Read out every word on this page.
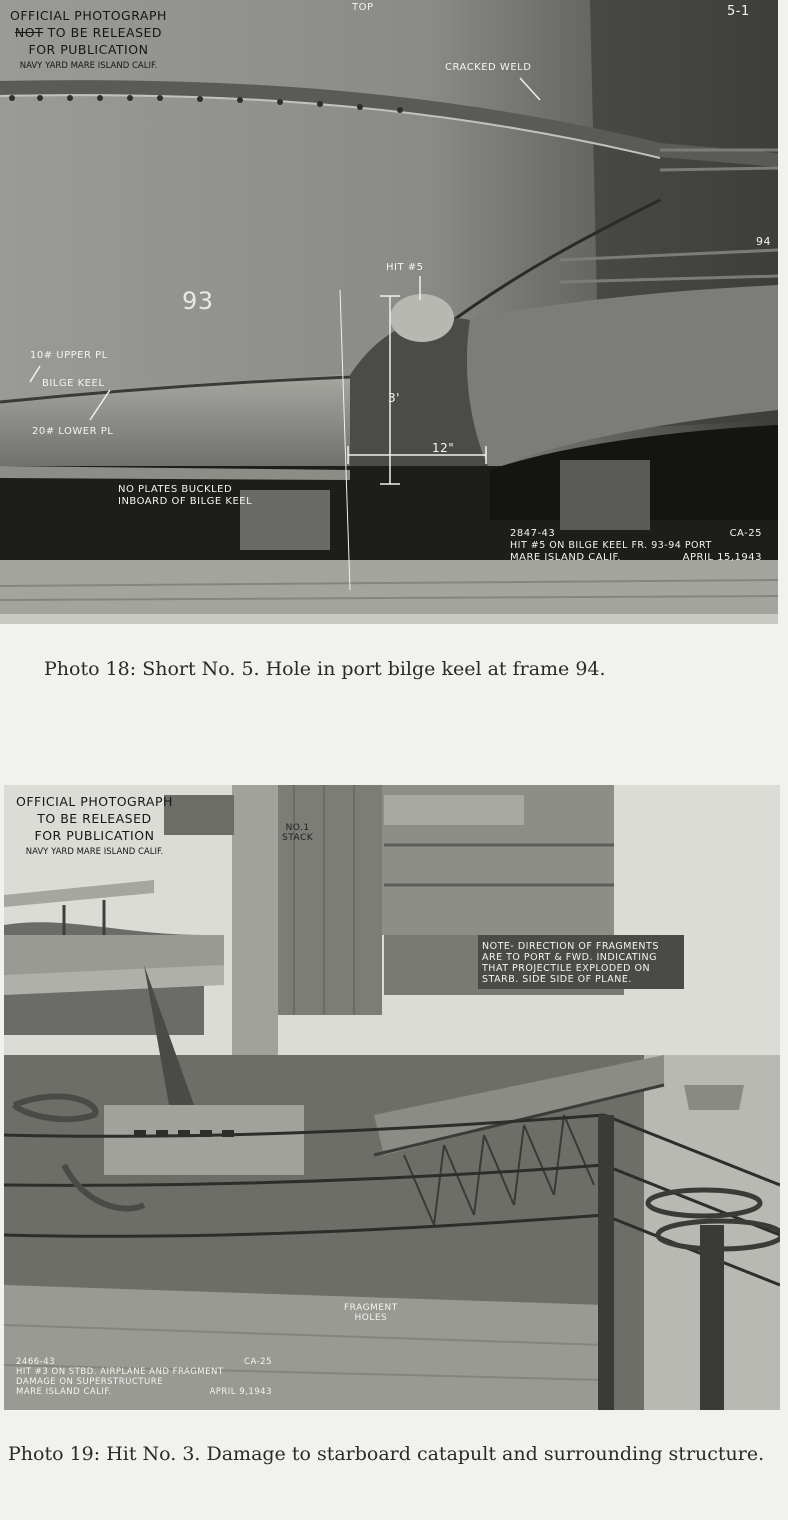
OFFICIAL PHOTOGRAPH
NOT TO BE RELEASED
FOR PUBLICATION
NAVY YARD MARE ISLAND CALIF.
TOP	5-1
CRACKED WELD
94
93
HIT #5
10# UPPER PL
BILGE KEEL
20# LOWER PL
3'
12"
NO PLATES BUCKLED
INBOARD OF BILGE KEEL
2847-43	CA-25
HIT #5 ON BILGE KEEL FR. 93-94 PORT
MARE ISLAND CALIF.	APRIL 15,1943
Photo 18: Short No. 5. Hole in port bilge keel at frame 94.
OFFICIAL PHOTOGRAPH
TO BE RELEASED
FOR PUBLICATION
NAVY YARD MARE ISLAND CALIF.
NO.1
STACK
NOTE- DIRECTION OF FRAGMENTS
ARE TO PORT & FWD. INDICATING
THAT PROJECTILE EXPLODED ON
STARB. SIDE SIDE OF PLANE.
FRAGMENT
HOLES
2466-43	CA-25
HIT #3 ON STBD. AIRPLANE AND FRAGMENT
DAMAGE ON SUPERSTRUCTURE
MARE ISLAND CALIF.	APRIL 9,1943
Photo 19: Hit No. 3. Damage to starboard catapult and surrounding structure.
